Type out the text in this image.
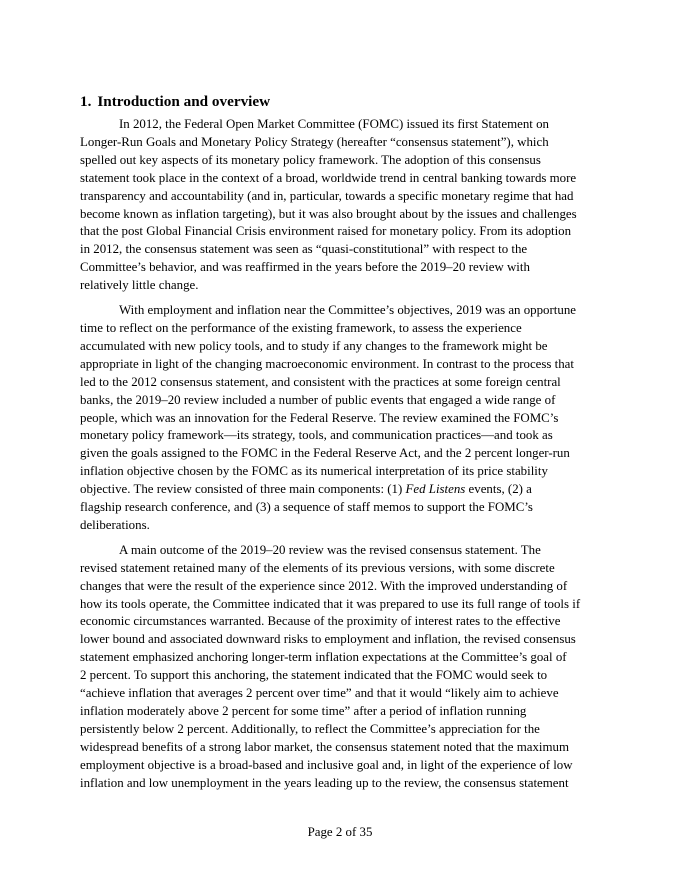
1. Introduction and overview

In 2012, the Federal Open Market Committee (FOMC) issued its first Statement on
Longer-Run Goals and Monetary Policy Strategy (hereafter “consensus statement”), which
spelled out key aspects of its monetary policy framework. The adoption of this consensus
statement took place in the context of a broad, worldwide trend in central banking towards more
transparency and accountability (and in, particular, towards a specific monetary regime that had
become known as inflation targeting), but it was also brought about by the issues and challenges
that the post Global Financial Crisis environment raised for monetary policy. From its adoption
in 2012, the consensus statement was seen as “quasi-constitutional” with respect to the
Committee’s behavior, and was reaffirmed in the years before the 2019–20 review with
relatively little change.

With employment and inflation near the Committee’s objectives, 2019 was an opportune
time to reflect on the performance of the existing framework, to assess the experience
accumulated with new policy tools, and to study if any changes to the framework might be
appropriate in light of the changing macroeconomic environment. In contrast to the process that
led to the 2012 consensus statement, and consistent with the practices at some foreign central
banks, the 2019–20 review included a number of public events that engaged a wide range of
people, which was an innovation for the Federal Reserve. The review examined the FOMC’s
monetary policy framework—its strategy, tools, and communication practices—and took as
given the goals assigned to the FOMC in the Federal Reserve Act, and the 2 percent longer-run
inflation objective chosen by the FOMC as its numerical interpretation of its price stability
objective. The review consisted of three main components: (1) Fed Listens events, (2) a
flagship research conference, and (3) a sequence of staff memos to support the FOMC’s
deliberations.

A main outcome of the 2019–20 review was the revised consensus statement. The
revised statement retained many of the elements of its previous versions, with some discrete
changes that were the result of the experience since 2012. With the improved understanding of
how its tools operate, the Committee indicated that it was prepared to use its full range of tools if
economic circumstances warranted. Because of the proximity of interest rates to the effective
lower bound and associated downward risks to employment and inflation, the revised consensus
statement emphasized anchoring longer-term inflation expectations at the Committee’s goal of
2 percent. To support this anchoring, the statement indicated that the FOMC would seek to
“achieve inflation that averages 2 percent over time” and that it would “likely aim to achieve
inflation moderately above 2 percent for some time” after a period of inflation running
persistently below 2 percent. Additionally, to reflect the Committee’s appreciation for the
widespread benefits of a strong labor market, the consensus statement noted that the maximum
employment objective is a broad-based and inclusive goal and, in light of the experience of low
inflation and low unemployment in the years leading up to the review, the consensus statement

Page 2 of 35
